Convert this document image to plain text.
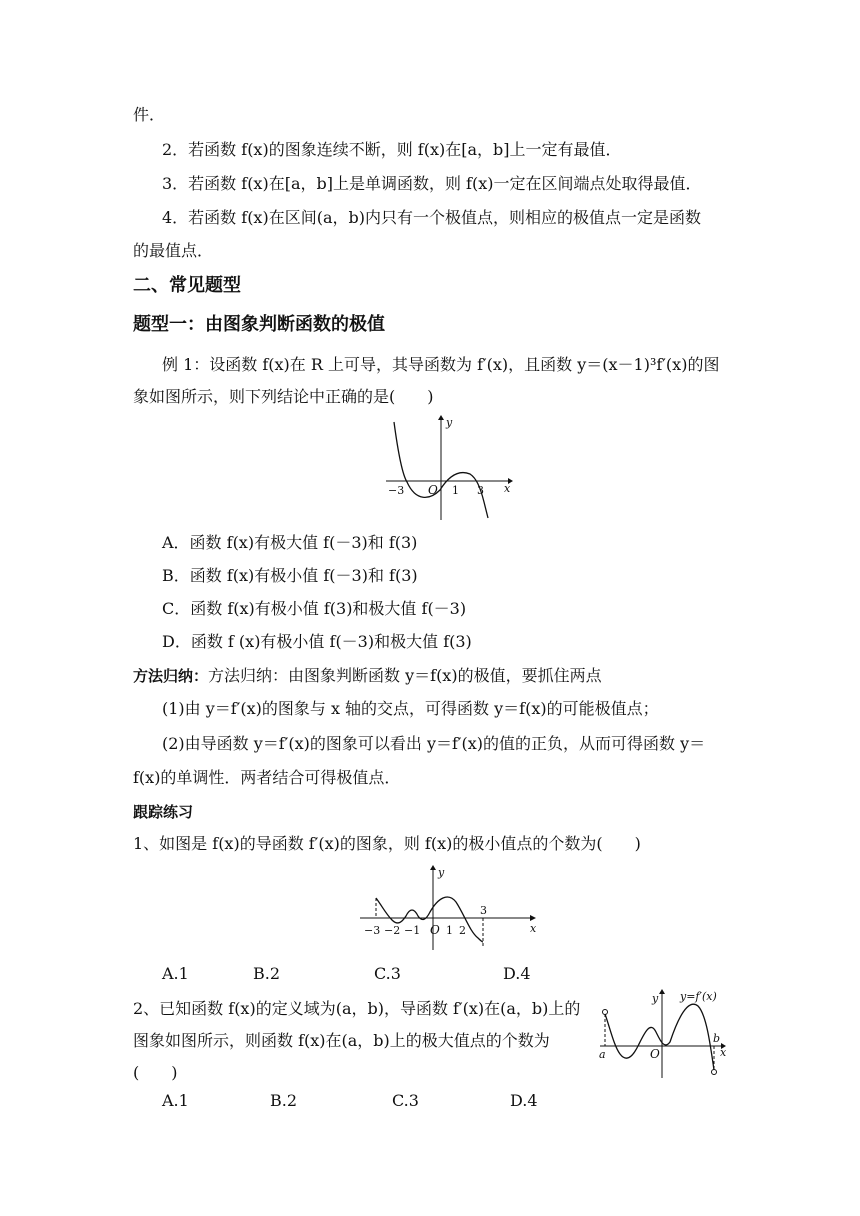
件．
2．若函数 f(x)的图象连续不断，则 f(x)在[a，b]上一定有最值．
3．若函数 f(x)在[a，b]上是单调函数，则 f(x)一定在区间端点处取得最值．
4．若函数 f(x)在区间(a，b)内只有一个极值点，则相应的极值点一定是函数
的最值点．
二、常见题型
题型一：由图象判断函数的极值
例 1：设函数 f(x)在 R 上可导，其导函数为 f′(x)，且函数 y＝(x－1)³f′(x)的图
象如图所示，则下列结论中正确的是(　　)
−3 O 1 3 x
y
A．函数 f(x)有极大值 f(－3)和 f(3)
B．函数 f(x)有极小值 f(－3)和 f(3)
C．函数 f(x)有极小值 f(3)和极大值 f(－3)
D．函数 f (x)有极小值 f(－3)和极大值 f(3)
方法归纳：方法归纳：由图象判断函数 y＝f(x)的极值，要抓住两点
(1)由 y＝f′(x)的图象与 x 轴的交点，可得函数 y＝f(x)的可能极值点；
(2)由导函数 y＝f′(x)的图象可以看出 y＝f′(x)的值的正负，从而可得函数 y＝
f(x)的单调性．两者结合可得极值点．
跟踪练习
1、如图是 f(x)的导函数 f′(x)的图象，则 f(x)的极小值点的个数为(　　)
−3 −2 −1 O 1 2
3
x
y
A.1	B.2	C.3	D.4
2、已知函数 f(x)的定义域为(a，b)，导函数 f′(x)在(a，b)上的
图象如图所示，则函数 f(x)在(a，b)上的极大值点的个数为
(　　)
a	O
b
x
y y=f′(x)
A.1	B.2	C.3	D.4
